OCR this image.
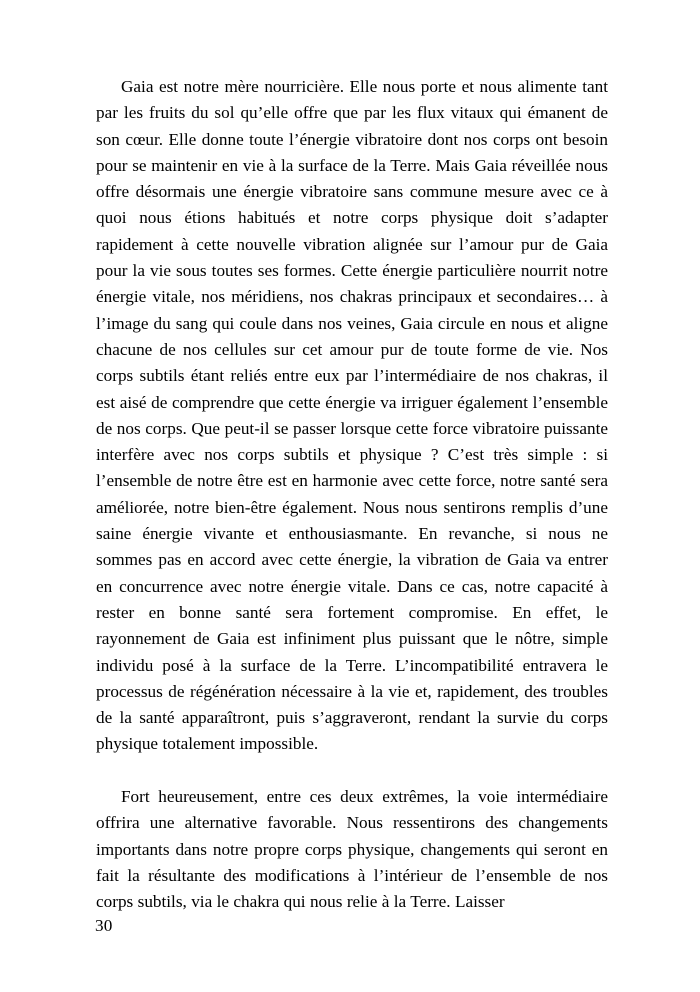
Gaia est notre mère nourricière. Elle nous porte et nous alimente tant par les fruits du sol qu’elle offre que par les flux vitaux qui émanent de son cœur. Elle donne toute l’énergie vibratoire dont nos corps ont besoin pour se maintenir en vie à la surface de la Terre. Mais Gaia réveillée nous offre désormais une énergie vibratoire sans commune mesure avec ce à quoi nous étions habitués et notre corps physique doit s’adapter rapidement à cette nouvelle vibration alignée sur l’amour pur de Gaia pour la vie sous toutes ses formes. Cette énergie particulière nourrit notre énergie vitale, nos méridiens, nos chakras principaux et secondaires… à l’image du sang qui coule dans nos veines, Gaia circule en nous et aligne chacune de nos cellules sur cet amour pur de toute forme de vie. Nos corps subtils étant reliés entre eux par l’intermédiaire de nos chakras, il est aisé de comprendre que cette énergie va irriguer également l’ensemble de nos corps. Que peut-il se passer lorsque cette force vibratoire puissante interfère avec nos corps subtils et physique ? C’est très simple : si l’ensemble de notre être est en harmonie avec cette force, notre santé sera améliorée, notre bien-être également. Nous nous sentirons remplis d’une saine énergie vivante et enthousiasmante. En revanche, si nous ne sommes pas en accord avec cette énergie, la vibration de Gaia va entrer en concurrence avec notre énergie vitale. Dans ce cas, notre capacité à rester en bonne santé sera fortement compromise. En effet, le rayonnement de Gaia est infiniment plus puissant que le nôtre, simple individu posé à la surface de la Terre. L’incompatibilité entravera le processus de régénération nécessaire à la vie et, rapidement, des troubles de la santé apparaîtront, puis s’aggraveront, rendant la survie du corps physique totalement impossible.

Fort heureusement, entre ces deux extrêmes, la voie intermédiaire offrira une alternative favorable. Nous ressentirons des changements importants dans notre propre corps physique, changements qui seront en fait la résultante des modifications à l’intérieur de l’ensemble de nos corps subtils, via le chakra qui nous relie à la Terre. Laisser

30
